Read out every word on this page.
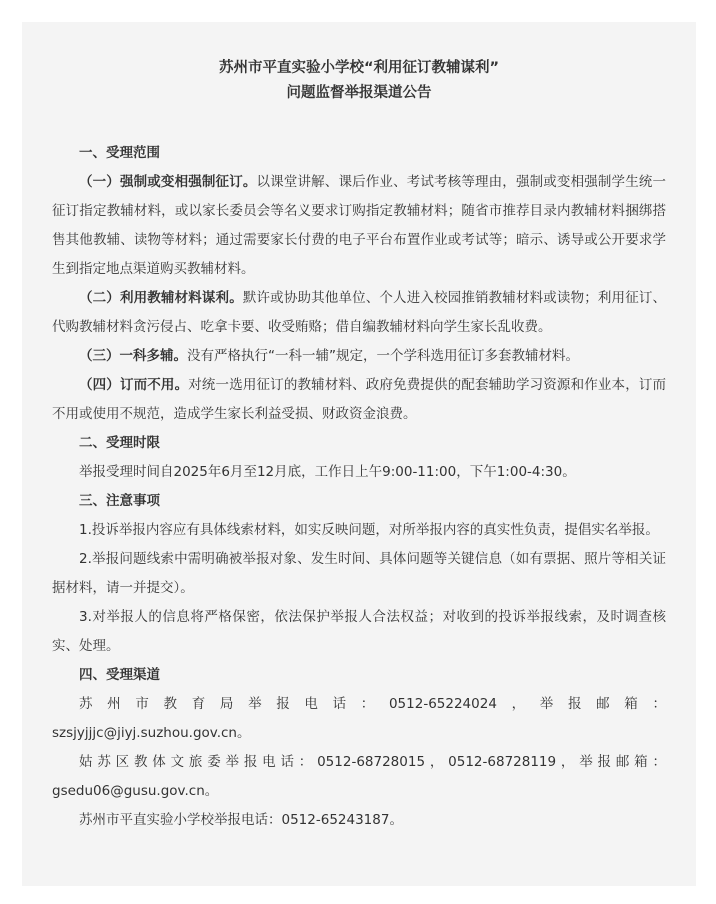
苏州市平直实验小学校“利用征订教辅谋利”
问题监督举报渠道公告

一、受理范围

（一）强制或变相强制征订。以课堂讲解、课后作业、考试考核等理由，强制或变相强制学生统一征订指定教辅材料，或以家长委员会等名义要求订购指定教辅材料；随省市推荐目录内教辅材料捆绑搭售其他教辅、读物等材料；通过需要家长付费的电子平台布置作业或考试等；暗示、诱导或公开要求学生到指定地点渠道购买教辅材料。

（二）利用教辅材料谋利。默许或协助其他单位、个人进入校园推销教辅材料或读物；利用征订、代购教辅材料贪污侵占、吃拿卡要、收受贿赂；借自编教辅材料向学生家长乱收费。

（三）一科多辅。没有严格执行“一科一辅”规定，一个学科选用征订多套教辅材料。

（四）订而不用。对统一选用征订的教辅材料、政府免费提供的配套辅助学习资源和作业本，订而不用或使用不规范，造成学生家长利益受损、财政资金浪费。

二、受理时限

举报受理时间自2025年6月至12月底，工作日上午9:00-11:00，下午1:00-4:30。

三、注意事项

1.投诉举报内容应有具体线索材料，如实反映问题，对所举报内容的真实性负责，提倡实名举报。

2.举报问题线索中需明确被举报对象、发生时间、具体问题等关键信息（如有票据、照片等相关证据材料，请一并提交）。

3.对举报人的信息将严格保密，依法保护举报人合法权益；对收到的投诉举报线索，及时调查核实、处理。

四、受理渠道

苏州市教育局举报电话：0512-65224024，举报邮箱：

szsjyjjjc@jiyj.suzhou.gov.cn。

姑苏区教体文旅委举报电话：0512-68728015，0512-68728119，举报邮箱：

gsedu06@gusu.gov.cn。

苏州市平直实验小学校举报电话：0512-65243187。
